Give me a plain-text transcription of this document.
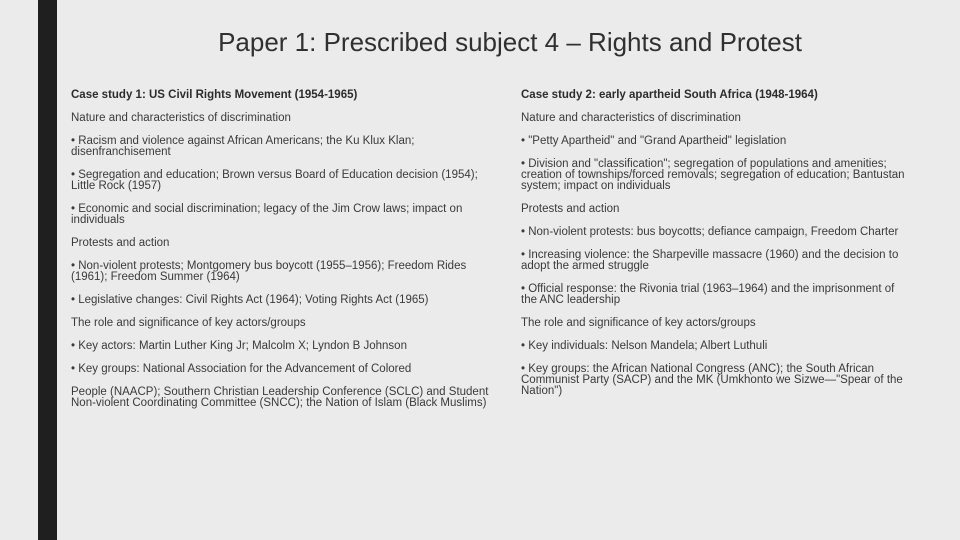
Paper 1: Prescribed subject 4 – Rights and Protest

Case study 1: US Civil Rights Movement (1954-1965)

Nature and characteristics of discrimination

• Racism and violence against African Americans; the Ku Klux Klan; disenfranchisement

• Segregation and education; Brown versus Board of Education decision (1954); Little Rock (1957)

• Economic and social discrimination; legacy of the Jim Crow laws; impact on individuals

Protests and action

• Non-violent protests; Montgomery bus boycott (1955–1956); Freedom Rides (1961); Freedom Summer (1964)

• Legislative changes: Civil Rights Act (1964); Voting Rights Act (1965)

The role and significance of key actors/groups

• Key actors: Martin Luther King Jr; Malcolm X; Lyndon B Johnson

• Key groups: National Association for the Advancement of Colored

People (NAACP); Southern Christian Leadership Conference (SCLC) and Student Non-violent Coordinating Committee (SNCC); the Nation of Islam (Black Muslims)

Case study 2: early apartheid South Africa (1948-1964)

Nature and characteristics of discrimination

• "Petty Apartheid" and "Grand Apartheid" legislation

• Division and "classification"; segregation of populations and amenities; creation of townships/forced removals; segregation of education; Bantustan system; impact on individuals

Protests and action

• Non-violent protests: bus boycotts; defiance campaign, Freedom Charter

• Increasing violence: the Sharpeville massacre (1960) and the decision to adopt the armed struggle

• Official response: the Rivonia trial (1963–1964) and the imprisonment of the ANC leadership

The role and significance of key actors/groups

• Key individuals: Nelson Mandela; Albert Luthuli

• Key groups: the African National Congress (ANC); the South African Communist Party (SACP) and the MK (Umkhonto we Sizwe—"Spear of the Nation")
